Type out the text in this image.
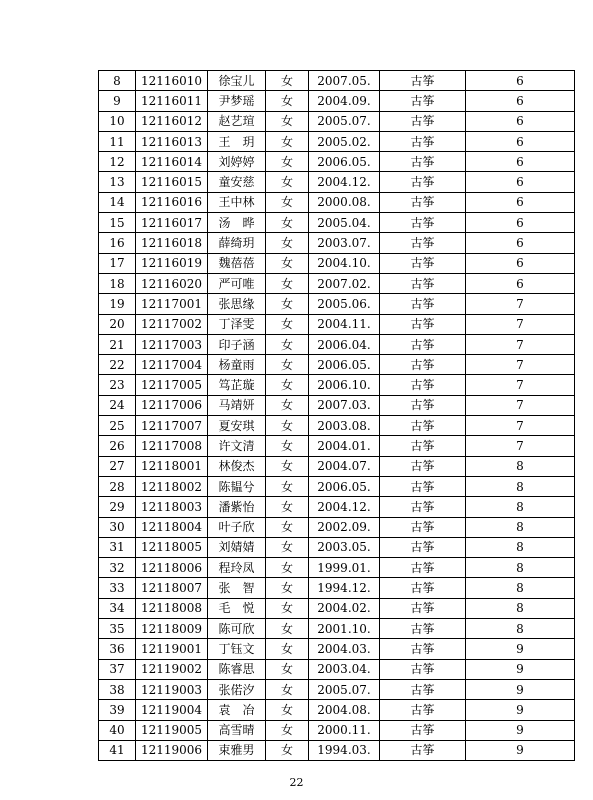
8	12116010	徐宝儿	女	2007.05.	古筝	6
9	12116011	尹梦瑶	女	2004.09.	古筝	6
10	12116012	赵艺瑄	女	2005.07.	古筝	6
11	12116013	王　玥	女	2005.02.	古筝	6
12	12116014	刘婷婷	女	2006.05.	古筝	6
13	12116015	童安慈	女	2004.12.	古筝	6
14	12116016	王中林	女	2000.08.	古筝	6
15	12116017	汤　晔	女	2005.04.	古筝	6
16	12116018	薛绮玥	女	2003.07.	古筝	6
17	12116019	魏蓓蓓	女	2004.10.	古筝	6
18	12116020	严可唯	女	2007.02.	古筝	6
19	12117001	张思缘	女	2005.06.	古筝	7
20	12117002	丁泽雯	女	2004.11.	古筝	7
21	12117003	印子涵	女	2006.04.	古筝	7
22	12117004	杨童雨	女	2006.05.	古筝	7
23	12117005	笃芷璇	女	2006.10.	古筝	7
24	12117006	马靖妍	女	2007.03.	古筝	7
25	12117007	夏安琪	女	2003.08.	古筝	7
26	12117008	许文清	女	2004.01.	古筝	7
27	12118001	林俊杰	女	2004.07.	古筝	8
28	12118002	陈韫兮	女	2006.05.	古筝	8
29	12118003	潘紫怡	女	2004.12.	古筝	8
30	12118004	叶子欣	女	2002.09.	古筝	8
31	12118005	刘婧婧	女	2003.05.	古筝	8
32	12118006	程玲凤	女	1999.01.	古筝	8
33	12118007	张　智	女	1994.12.	古筝	8
34	12118008	毛　悦	女	2004.02.	古筝	8
35	12118009	陈可欣	女	2001.10.	古筝	8
36	12119001	丁钰文	女	2004.03.	古筝	9
37	12119002	陈睿思	女	2003.04.	古筝	9
38	12119003	张偌汐	女	2005.07.	古筝	9
39	12119004	袁　冶	女	2004.08.	古筝	9
40	12119005	高雪晴	女	2000.11.	古筝	9
41	12119006	束雅男	女	1994.03.	古筝	9
22
